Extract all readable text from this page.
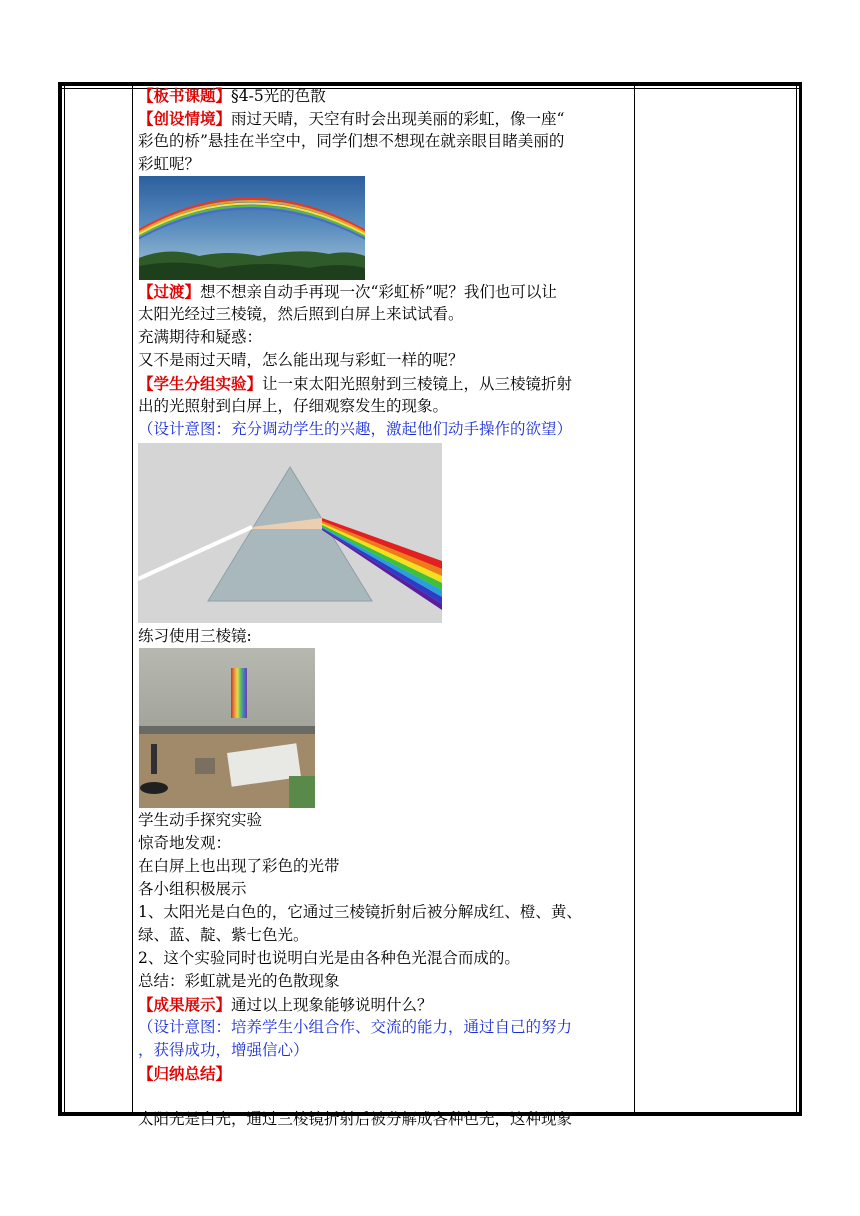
【板书课题】§4-5光的色散
【创设情境】雨过天晴，天空有时会出现美丽的彩虹，像一座“
彩色的桥”悬挂在半空中，同学们想不想现在就亲眼目睹美丽的
彩虹呢？
【过渡】想不想亲自动手再现一次“彩虹桥”呢？我们也可以让
太阳光经过三棱镜，然后照到白屏上来试试看。
充满期待和疑惑：
又不是雨过天晴，怎么能出现与彩虹一样的呢？
【学生分组实验】让一束太阳光照射到三棱镜上，从三棱镜折射
出的光照射到白屏上，仔细观察发生的现象。
（设计意图：充分调动学生的兴趣，激起他们动手操作的欲望）
练习使用三棱镜:
学生动手探究实验
惊奇地发观：
在白屏上也出现了彩色的光带
各小组积极展示
1、太阳光是白色的，它通过三棱镜折射后被分解成红、橙、黄、
绿、蓝、靛、紫七色光。
2、这个实验同时也说明白光是由各种色光混合而成的。
总结：彩虹就是光的色散现象
【成果展示】通过以上现象能够说明什么？
（设计意图：培养学生小组合作、交流的能力，通过自己的努力
，获得成功，增强信心）
【归纳总结】
太阳光是白光，通过三棱镜折射后被分解成各种色光，这种现象
